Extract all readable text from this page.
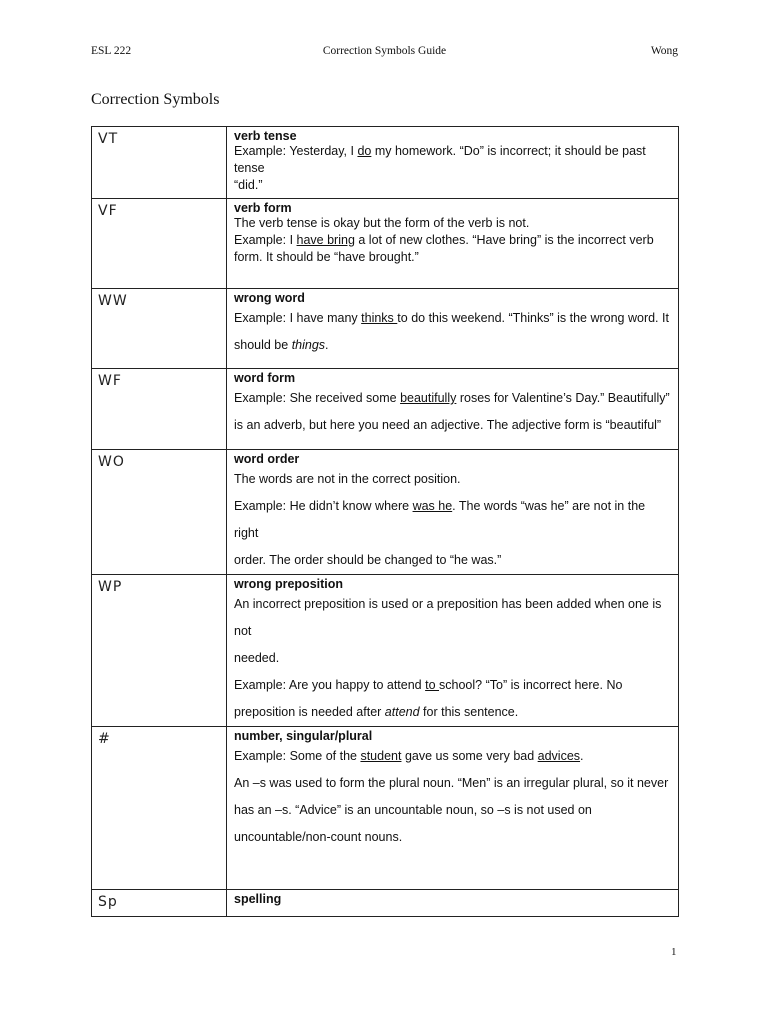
ESL 222	Correction Symbols Guide	Wong
Correction Symbols
VT	verb tense
Example: Yesterday, I do my homework. “Do” is incorrect; it should be past tense
“did.”

VF	verb form
The verb tense is okay but the form of the verb is not.
Example: I have bring a lot of new clothes. “Have bring” is the incorrect verb
form. It should be “have brought.”

WW	wrong word
Example: I have many thinks to do this weekend. “Thinks” is the wrong word. It
should be things.

WF	word form
Example: She received some beautifully roses for Valentine’s Day.” Beautifully”
is an adverb, but here you need an adjective. The adjective form is “beautiful”

WO	word order
The words are not in the correct position.
Example: He didn’t know where was he. The words “was he” are not in the right
order. The order should be changed to “he was.”

WP	wrong preposition
An incorrect preposition is used or a preposition has been added when one is not
needed.
Example: Are you happy to attend to school? “To” is incorrect here. No
preposition is needed after attend for this sentence.

#	number, singular/plural
Example: Some of the student gave us some very bad advices.
An –s was used to form the plural noun. “Men” is an irregular plural, so it never
has an –s. “Advice” is an uncountable noun, so –s is not used on
uncountable/non-count nouns.

Sp	spelling
1
